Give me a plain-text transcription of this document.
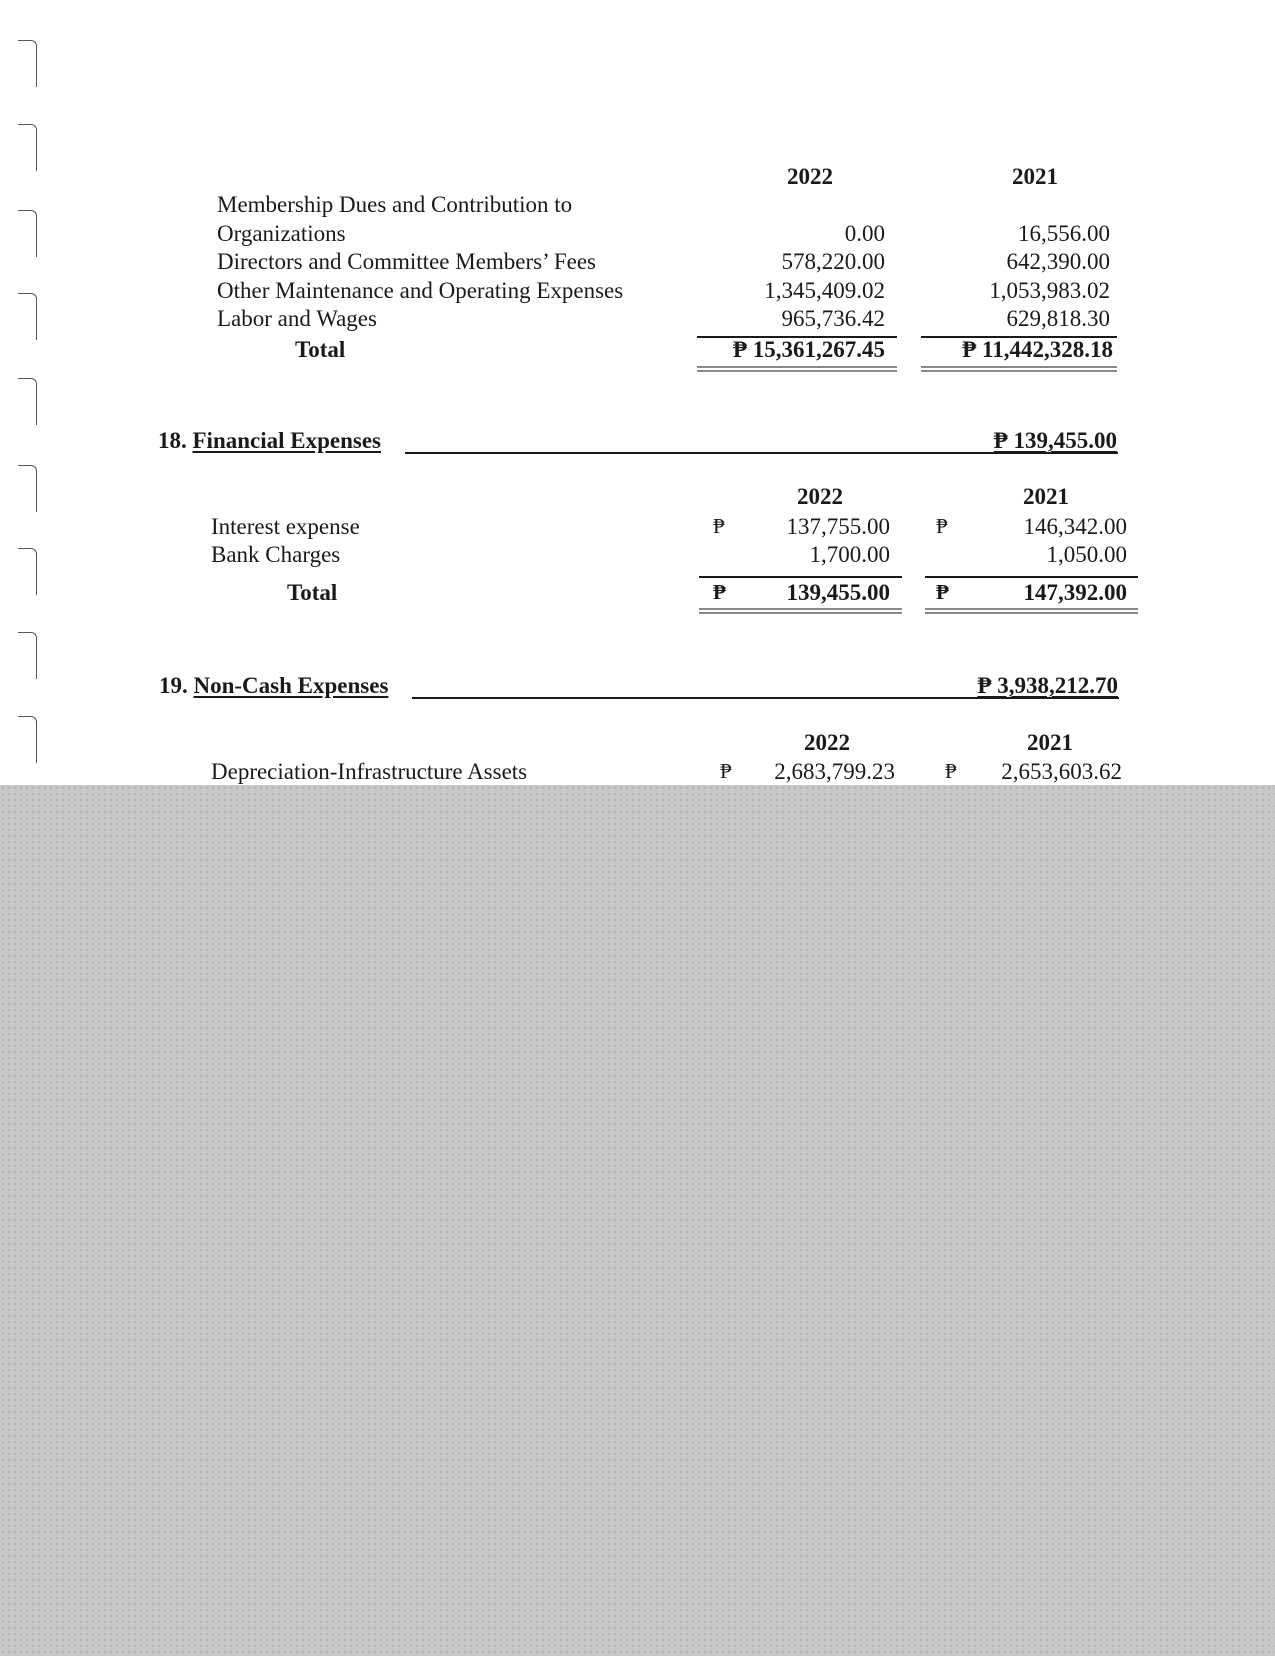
2022	2021
Membership Dues and Contribution to
Organizations	0.00	16,556.00
Directors and Committee Members’ Fees	578,220.00	642,390.00
Other Maintenance and Operating Expenses	1,345,409.02	1,053,983.02
Labor and Wages	965,736.42	629,818.30
Total	₱ 15,361,267.45	₱ 11,442,328.18
18. Financial Expenses	₱ 139,455.00
2022	2021
Interest expense	₱	137,755.00 ₱	146,342.00
Bank Charges	1,700.00	1,050.00
Total	₱	139,455.00 ₱	147,392.00
19. Non-Cash Expenses	₱ 3,938,212.70
2022	2021
Depreciation-Infrastructure Assets	₱	2,683,799.23 ₱	2,653,603.62
